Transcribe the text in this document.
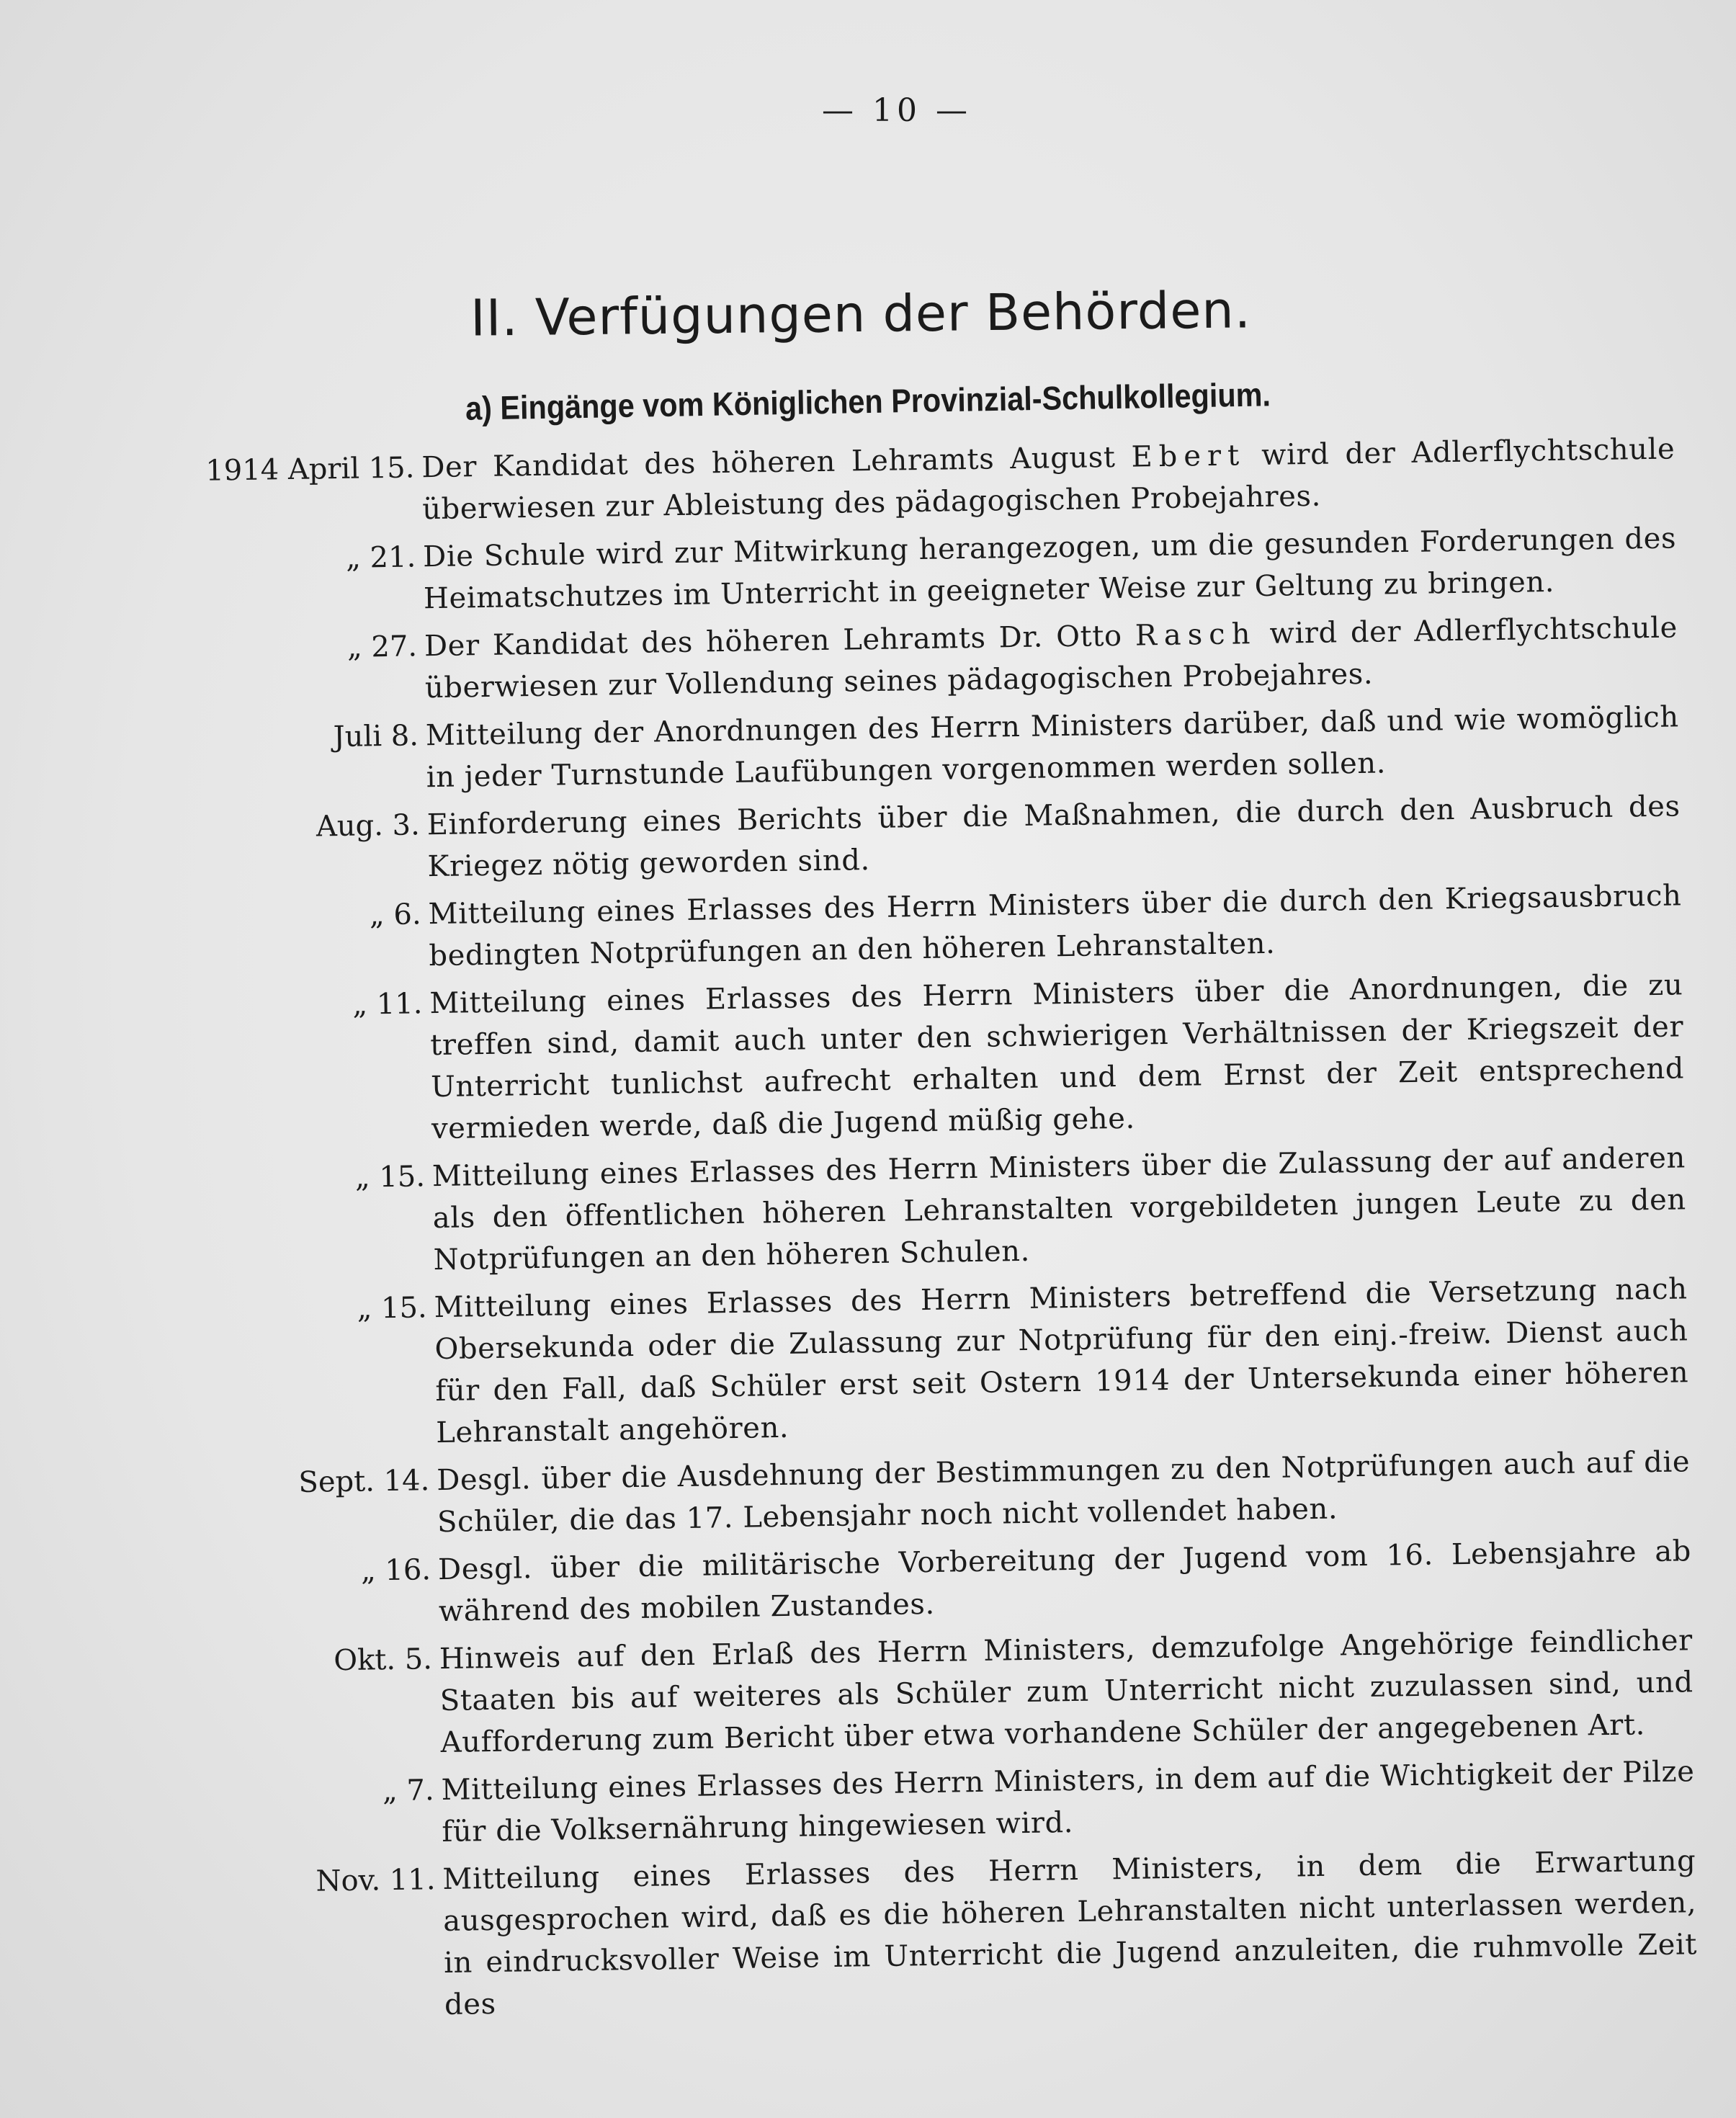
— 10 —
II. Verfügungen der Behörden.
a) Eingänge vom Königlichen Provinzial-Schulkollegium.
1914 April 15. Der Kandidat des höheren Lehramts August Ebert wird der Adlerflychtschule überwiesen zur Ableistung des pädagogischen Probejahres.
„ 21. Die Schule wird zur Mitwirkung herangezogen, um die gesunden Forderungen des Heimatschutzes im Unterricht in geeigneter Weise zur Geltung zu bringen.
„ 27. Der Kandidat des höheren Lehramts Dr. Otto Rasch wird der Adlerflychtschule überwiesen zur Vollendung seines pädagogischen Probejahres.
Juli 8. Mitteilung der Anordnungen des Herrn Ministers darüber, daß und wie womöglich in jeder Turnstunde Laufübungen vorgenommen werden sollen.
Aug. 3. Einforderung eines Berichts über die Maßnahmen, die durch den Ausbruch des Kriegez nötig geworden sind.
„ 6. Mitteilung eines Erlasses des Herrn Ministers über die durch den Kriegsausbruch bedingten Notprüfungen an den höheren Lehranstalten.
„ 11. Mitteilung eines Erlasses des Herrn Ministers über die Anordnungen, die zu treffen sind, damit auch unter den schwierigen Verhältnissen der Kriegszeit der Unterricht tunlichst aufrecht erhalten und dem Ernst der Zeit entsprechend vermieden werde, daß die Jugend müßig gehe.
„ 15. Mitteilung eines Erlasses des Herrn Ministers über die Zulassung der auf anderen als den öffentlichen höheren Lehranstalten vorgebildeten jungen Leute zu den Notprüfungen an den höheren Schulen.
„ 15. Mitteilung eines Erlasses des Herrn Ministers betreffend die Versetzung nach Obersekunda oder die Zulassung zur Notprüfung für den einj.-freiw. Dienst auch für den Fall, daß Schüler erst seit Ostern 1914 der Untersekunda einer höheren Lehranstalt angehören.
Sept. 14. Desgl. über die Ausdehnung der Bestimmungen zu den Notprüfungen auch auf die Schüler, die das 17. Lebensjahr noch nicht vollendet haben.
„ 16. Desgl. über die militärische Vorbereitung der Jugend vom 16. Lebensjahre ab während des mobilen Zustandes.
Okt. 5. Hinweis auf den Erlaß des Herrn Ministers, demzufolge Angehörige feindlicher Staaten bis auf weiteres als Schüler zum Unterricht nicht zuzulassen sind, und Aufforderung zum Bericht über etwa vorhandene Schüler der angegebenen Art.
„ 7. Mitteilung eines Erlasses des Herrn Ministers, in dem auf die Wichtigkeit der Pilze für die Volksernährung hingewiesen wird.
Nov. 11. Mitteilung eines Erlasses des Herrn Ministers, in dem die Erwartung ausgesprochen wird, daß es die höheren Lehranstalten nicht unterlassen werden, in eindrucksvoller Weise im Unterricht die Jugend anzuleiten, die ruhmvolle Zeit des
